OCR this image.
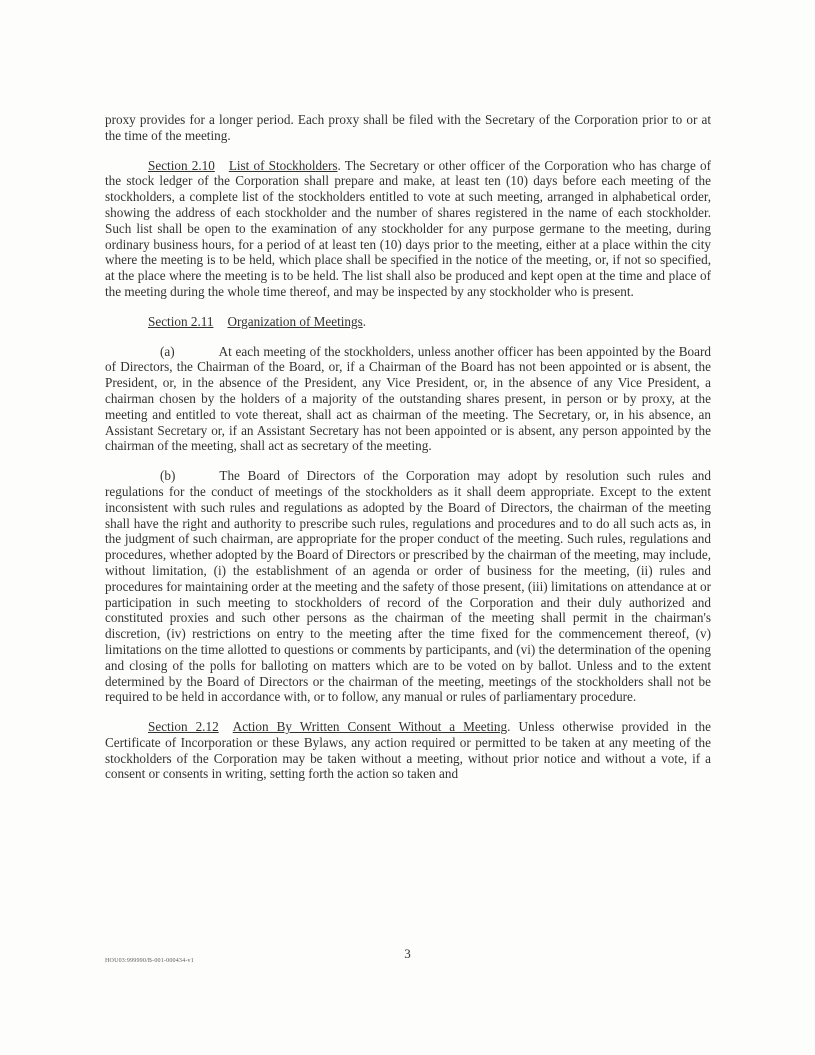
proxy provides for a longer period. Each proxy shall be filed with the Secretary of the Corporation prior to or at the time of the meeting.

Section 2.10 List of Stockholders. The Secretary or other officer of the Corporation who has charge of the stock ledger of the Corporation shall prepare and make, at least ten (10) days before each meeting of the stockholders, a complete list of the stockholders entitled to vote at such meeting, arranged in alphabetical order, showing the address of each stockholder and the number of shares registered in the name of each stockholder. Such list shall be open to the examination of any stockholder for any purpose germane to the meeting, during ordinary business hours, for a period of at least ten (10) days prior to the meeting, either at a place within the city where the meeting is to be held, which place shall be specified in the notice of the meeting, or, if not so specified, at the place where the meeting is to be held. The list shall also be produced and kept open at the time and place of the meeting during the whole time thereof, and may be inspected by any stockholder who is present.

Section 2.11 Organization of Meetings.

(a)	At each meeting of the stockholders, unless another officer has been appointed by the Board of Directors, the Chairman of the Board, or, if a Chairman of the Board has not been appointed or is absent, the President, or, in the absence of the President, any Vice President, or, in the absence of any Vice President, a chairman chosen by the holders of a majority of the outstanding shares present, in person or by proxy, at the meeting and entitled to vote thereat, shall act as chairman of the meeting. The Secretary, or, in his absence, an Assistant Secretary or, if an Assistant Secretary has not been appointed or is absent, any person appointed by the chairman of the meeting, shall act as secretary of the meeting.

(b)	The Board of Directors of the Corporation may adopt by resolution such rules and regulations for the conduct of meetings of the stockholders as it shall deem appropriate. Except to the extent inconsistent with such rules and regulations as adopted by the Board of Directors, the chairman of the meeting shall have the right and authority to prescribe such rules, regulations and procedures and to do all such acts as, in the judgment of such chairman, are appropriate for the proper conduct of the meeting. Such rules, regulations and procedures, whether adopted by the Board of Directors or prescribed by the chairman of the meeting, may include, without limitation, (i) the establishment of an agenda or order of business for the meeting, (ii) rules and procedures for maintaining order at the meeting and the safety of those present, (iii) limitations on attendance at or participation in such meeting to stockholders of record of the Corporation and their duly authorized and constituted proxies and such other persons as the chairman of the meeting shall permit in the chairman's discretion, (iv) restrictions on entry to the meeting after the time fixed for the commencement thereof, (v) limitations on the time allotted to questions or comments by participants, and (vi) the determination of the opening and closing of the polls for balloting on matters which are to be voted on by ballot. Unless and to the extent determined by the Board of Directors or the chairman of the meeting, meetings of the stockholders shall not be required to be held in accordance with, or to follow, any manual or rules of parliamentary procedure.

Section 2.12 Action By Written Consent Without a Meeting. Unless otherwise provided in the Certificate of Incorporation or these Bylaws, any action required or permitted to be taken at any meeting of the stockholders of the Corporation may be taken without a meeting, without prior notice and without a vote, if a consent or consents in writing, setting forth the action so taken and

HOU03:999990/B-001-000434-v1	3
